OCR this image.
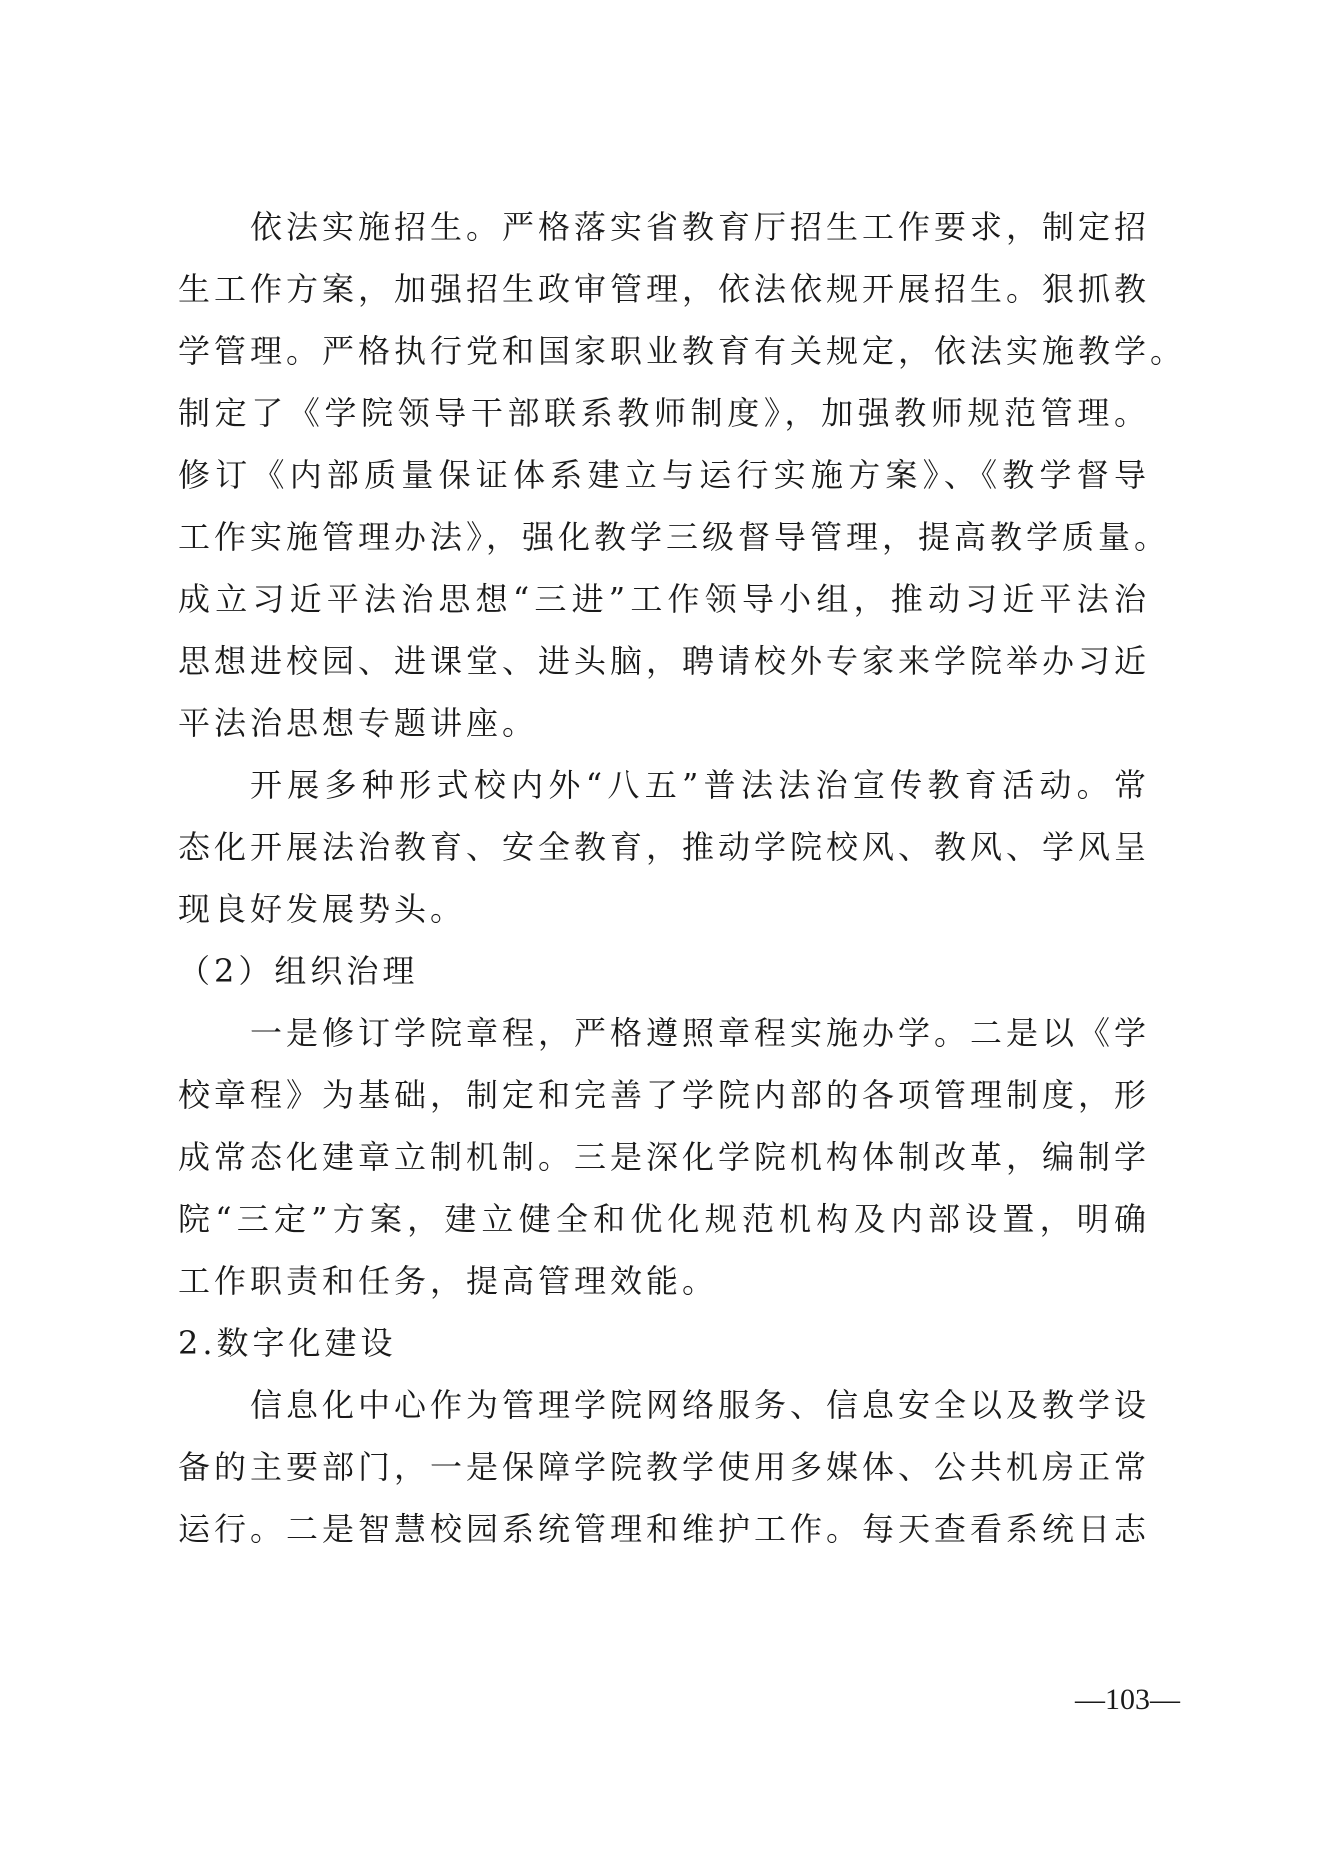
依法实施招生。严格落实省教育厅招生工作要求，制定招
生工作方案，加强招生政审管理，依法依规开展招生。狠抓教
学管理。严格执行党和国家职业教育有关规定，依法实施教学。
制定了《学院领导干部联系教师制度》，加强教师规范管理。
修订《内部质量保证体系建立与运行实施方案》、《教学督导
工作实施管理办法》，强化教学三级督导管理，提高教学质量。
成立习近平法治思想“三进”工作领导小组，推动习近平法治
思想进校园、进课堂、进头脑，聘请校外专家来学院举办习近
平法治思想专题讲座。
开展多种形式校内外“八五”普法法治宣传教育活动。常
态化开展法治教育、安全教育，推动学院校风、教风、学风呈
现良好发展势头。
（2）组织治理
一是修订学院章程，严格遵照章程实施办学。二是以《学
校章程》为基础，制定和完善了学院内部的各项管理制度，形
成常态化建章立制机制。三是深化学院机构体制改革，编制学
院“三定”方案，建立健全和优化规范机构及内部设置，明确
工作职责和任务，提高管理效能。
2.数字化建设
信息化中心作为管理学院网络服务、信息安全以及教学设
备的主要部门，一是保障学院教学使用多媒体、公共机房正常
运行。二是智慧校园系统管理和维护工作。每天查看系统日志
—103—
